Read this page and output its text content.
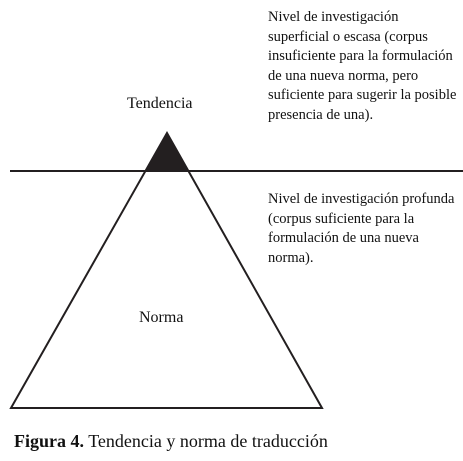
Tendencia
Norma
Nivel de investigación superficial o escasa (corpus insuficiente para la formulación de una nueva norma, pero suficiente para sugerir la posible presencia de una).
Nivel de investigación profunda (corpus suficiente para la formulación de una nueva norma).
Figura 4. Tendencia y norma de traducción
